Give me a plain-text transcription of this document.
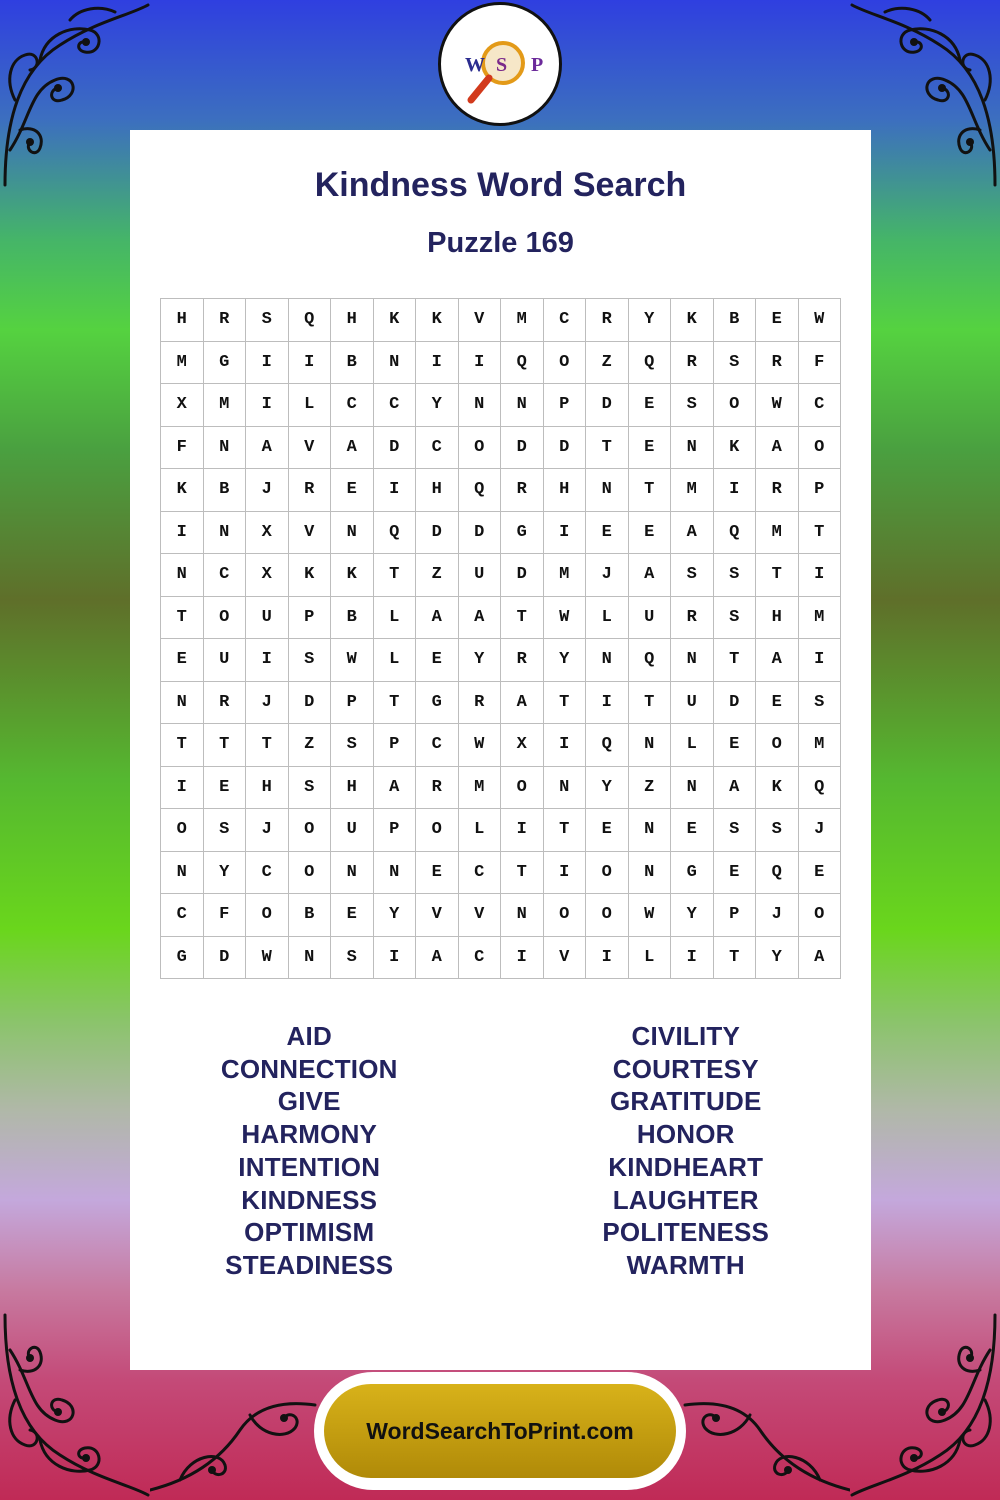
W S P
Kindness Word Search
Puzzle 169
H	R	S	Q	H	K	K	V	M	C	R	Y	K	B	E	W
M	G	I	I	B	N	I	I	Q	O	Z	Q	R	S	R	F
X	M	I	L	C	C	Y	N	N	P	D	E	S	O	W	C
F	N	A	V	A	D	C	O	D	D	T	E	N	K	A	O
K	B	J	R	E	I	H	Q	R	H	N	T	M	I	R	P
I	N	X	V	N	Q	D	D	G	I	E	E	A	Q	M	T
N	C	X	K	K	T	Z	U	D	M	J	A	S	S	T	I
T	O	U	P	B	L	A	A	T	W	L	U	R	S	H	M
E	U	I	S	W	L	E	Y	R	Y	N	Q	N	T	A	I
N	R	J	D	P	T	G	R	A	T	I	T	U	D	E	S
T	T	T	Z	S	P	C	W	X	I	Q	N	L	E	O	M
I	E	H	S	H	A	R	M	O	N	Y	Z	N	A	K	Q
O	S	J	O	U	P	O	L	I	T	E	N	E	S	S	J
N	Y	C	O	N	N	E	C	T	I	O	N	G	E	Q	E
C	F	O	B	E	Y	V	V	N	O	O	W	Y	P	J	O
G	D	W	N	S	I	A	C	I	V	I	L	I	T	Y	A
AID
CONNECTION
GIVE
HARMONY
INTENTION
KINDNESS
OPTIMISM
STEADINESS
CIVILITY
COURTESY
GRATITUDE
HONOR
KINDHEART
LAUGHTER
POLITENESS
WARMTH
WordSearchToPrint.com
